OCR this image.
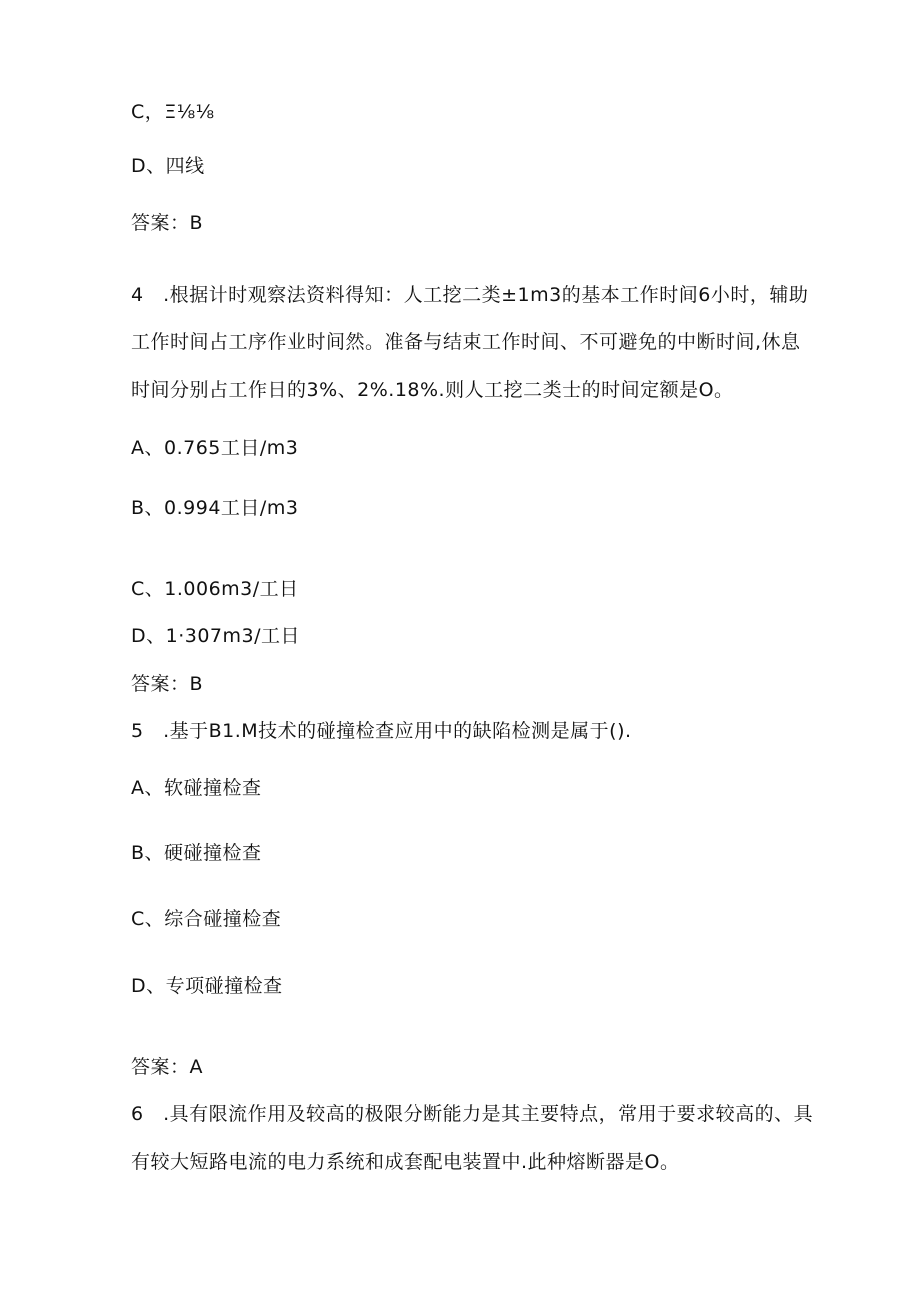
C，Ξ⅛⅛
D、四线
答案：B
4　.根据计时观察法资料得知：人工挖二类±1m3的基本工作时间6小时，辅助
工作时间占工序作业时间然。准备与结束工作时间、不可避免的中断时间,休息
时间分别占工作日的3%、2%.18%.则人工挖二类士的时间定额是O。
A、0.765工日/m3
B、0.994工日/m3
C、1.006m3/工日
D、1·307m3/工日
答案：B
5　.基于B1.M技术的碰撞检查应用中的缺陷检测是属于().
A、软碰撞检查
B、硬碰撞检查
C、综合碰撞检查
D、专项碰撞检查
答案：A
6　.具有限流作用及较高的极限分断能力是其主要特点，常用于要求较高的、具
有较大短路电流的电力系统和成套配电装置中.此种熔断器是O。
